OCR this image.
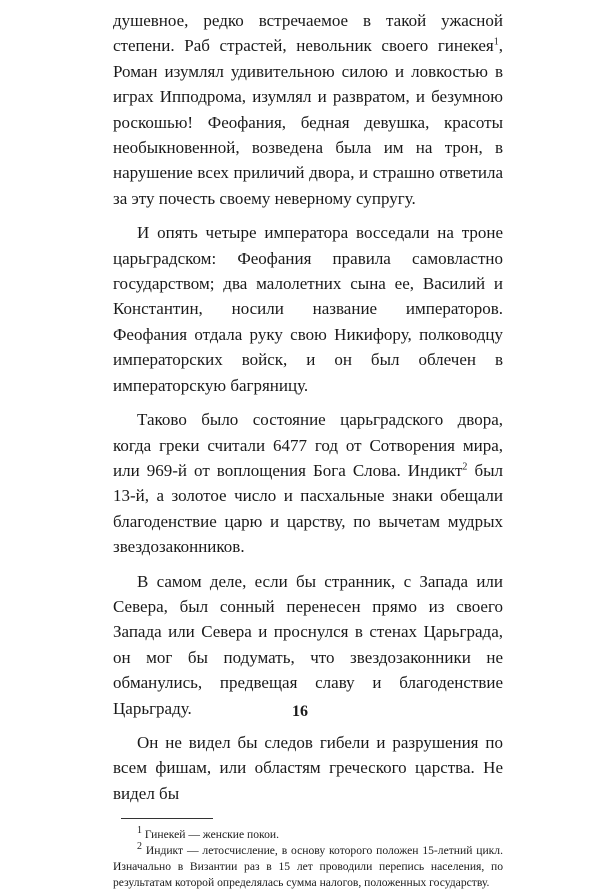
душевное, редко встречаемое в такой ужасной степени. Раб страстей, невольник своего гинекея$^1$, Роман изумлял удивительною силою и ловкостью в играх Ипподрома, изумлял и развратом, и безумною роскошью! Феофания, бедная девушка, красоты необыкновенной, возведена была им на трон, в нарушение всех приличий двора, и страшно ответила за эту почесть своему неверному супругу.

И опять четыре императора восседали на троне царьградском: Феофания правила самовластно государством; два малолетних сына ее, Василий и Константин, носили название императоров. Феофания отдала руку свою Никифору, полководцу императорских войск, и он был облечен в императорскую багряницу.

Таково было состояние царьградского двора, когда греки считали 6477 год от Сотворения мира, или 969-й от воплощения Бога Слова. Индикт$^2$ был 13-й, а золотое число и пасхальные знаки обещали благоденствие царю и царству, по вычетам мудрых звездозаконников.

В самом деле, если бы странник, с Запада или Севера, был сонный перенесен прямо из своего Запада или Севера и проснулся в стенах Царьграда, он мог бы подумать, что звездозаконники не обманулись, предвещая славу и благоденствие Царьграду.

Он не видел бы следов гибели и разрушения по всем фишам, или областям греческого царства. Не видел бы

$^1$ Гинекей — женские покои.

$^2$ Индикт — летосчисление, в основу которого положен 15-летний цикл. Изначально в Византии раз в 15 лет проводили перепись населения, по результатам которой определялась сумма налогов, положенных государству.

16
